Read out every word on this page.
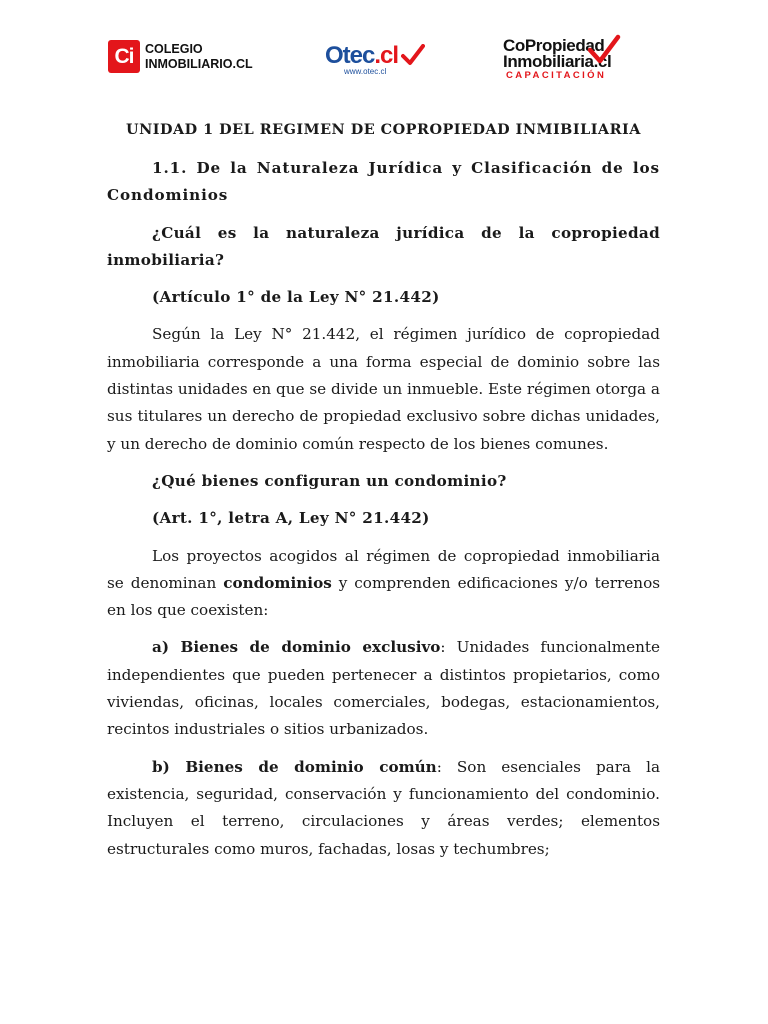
Ci COLEGIO
INMOBILIARIO.CL	Otec.cl
www.otec.cl
CoPropiedad
Inmobiliaria.cl
CAPACITACIÓN
UNIDAD 1 DEL REGIMEN DE COPROPIEDAD INMIBILIARIA
1.1. De la Naturaleza Jurídica y Clasificación de los Condominios
¿Cuál es la naturaleza jurídica de la copropiedad inmobiliaria?
(Artículo 1° de la Ley N° 21.442)
Según la Ley N° 21.442, el régimen jurídico de copropiedad inmobiliaria corresponde a una forma especial de dominio sobre las distintas unidades en que se divide un inmueble. Este régimen otorga a sus titulares un derecho de propiedad exclusivo sobre dichas unidades, y un derecho de dominio común respecto de los bienes comunes.
¿Qué bienes configuran un condominio?
(Art. 1°, letra A, Ley N° 21.442)
Los proyectos acogidos al régimen de copropiedad inmobiliaria se denominan condominios y comprenden edificaciones y/o terrenos en los que coexisten:
a) Bienes de dominio exclusivo: Unidades funcionalmente independientes que pueden pertenecer a distintos propietarios, como viviendas, oficinas, locales comerciales, bodegas, estacionamientos, recintos industriales o sitios urbanizados.
b) Bienes de dominio común: Son esenciales para la existencia, seguridad, conservación y funcionamiento del condominio. Incluyen el terreno, circulaciones y áreas verdes; elementos estructurales como muros, fachadas, losas y techumbres;
